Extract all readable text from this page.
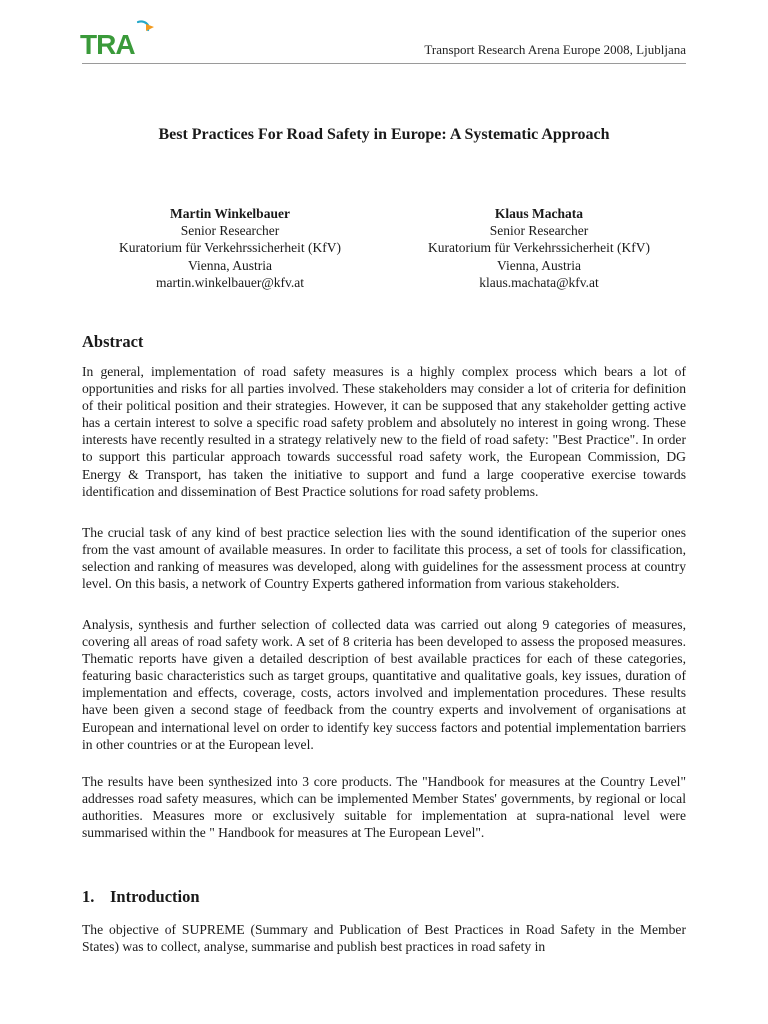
TRA	Transport Research Arena Europe 2008, Ljubljana
Best Practices For Road Safety in Europe: A Systematic Approach
Martin Winkelbauer
Senior Researcher
Kuratorium für Verkehrssicherheit (KfV)
Vienna, Austria
martin.winkelbauer@kfv.at
Klaus Machata
Senior Researcher
Kuratorium für Verkehrssicherheit (KfV)
Vienna, Austria
klaus.machata@kfv.at
Abstract

In general, implementation of road safety measures is a highly complex process which bears a lot of opportunities and risks for all parties involved. These stakeholders may consider a lot of criteria for definition of their political position and their strategies. However, it can be supposed that any stakeholder getting active has a certain interest to solve a specific road safety problem and absolutely no interest in going wrong. These interests have recently resulted in a strategy relatively new to the field of road safety: "Best Practice". In order to support this particular approach towards successful road safety work, the European Commission, DG Energy & Transport, has taken the initiative to support and fund a large cooperative exercise towards identification and dissemination of Best Practice solutions for road safety problems.

The crucial task of any kind of best practice selection lies with the sound identification of the superior ones from the vast amount of available measures. In order to facilitate this process, a set of tools for classification, selection and ranking of measures was developed, along with guidelines for the assessment process at country level. On this basis, a network of Country Experts gathered information from various stakeholders.

Analysis, synthesis and further selection of collected data was carried out along 9 categories of measures, covering all areas of road safety work. A set of 8 criteria has been developed to assess the proposed measures. Thematic reports have given a detailed description of best available practices for each of these categories, featuring basic characteristics such as target groups, quantitative and qualitative goals, key issues, duration of implementation and effects, coverage, costs, actors involved and implementation procedures. These results have been given a second stage of feedback from the country experts and involvement of organisations at European and international level on order to identify key success factors and potential implementation barriers in other countries or at the European level.

The results have been synthesized into 3 core products. The "Handbook for measures at the Country Level" addresses road safety measures, which can be implemented Member States' governments, by regional or local authorities. Measures more or exclusively suitable for implementation at supra-national level were summarised within the " Handbook for measures at The European Level".

1. Introduction

The objective of SUPREME (Summary and Publication of Best Practices in Road Safety in the Member States) was to collect, analyse, summarise and publish best practices in road safety in
